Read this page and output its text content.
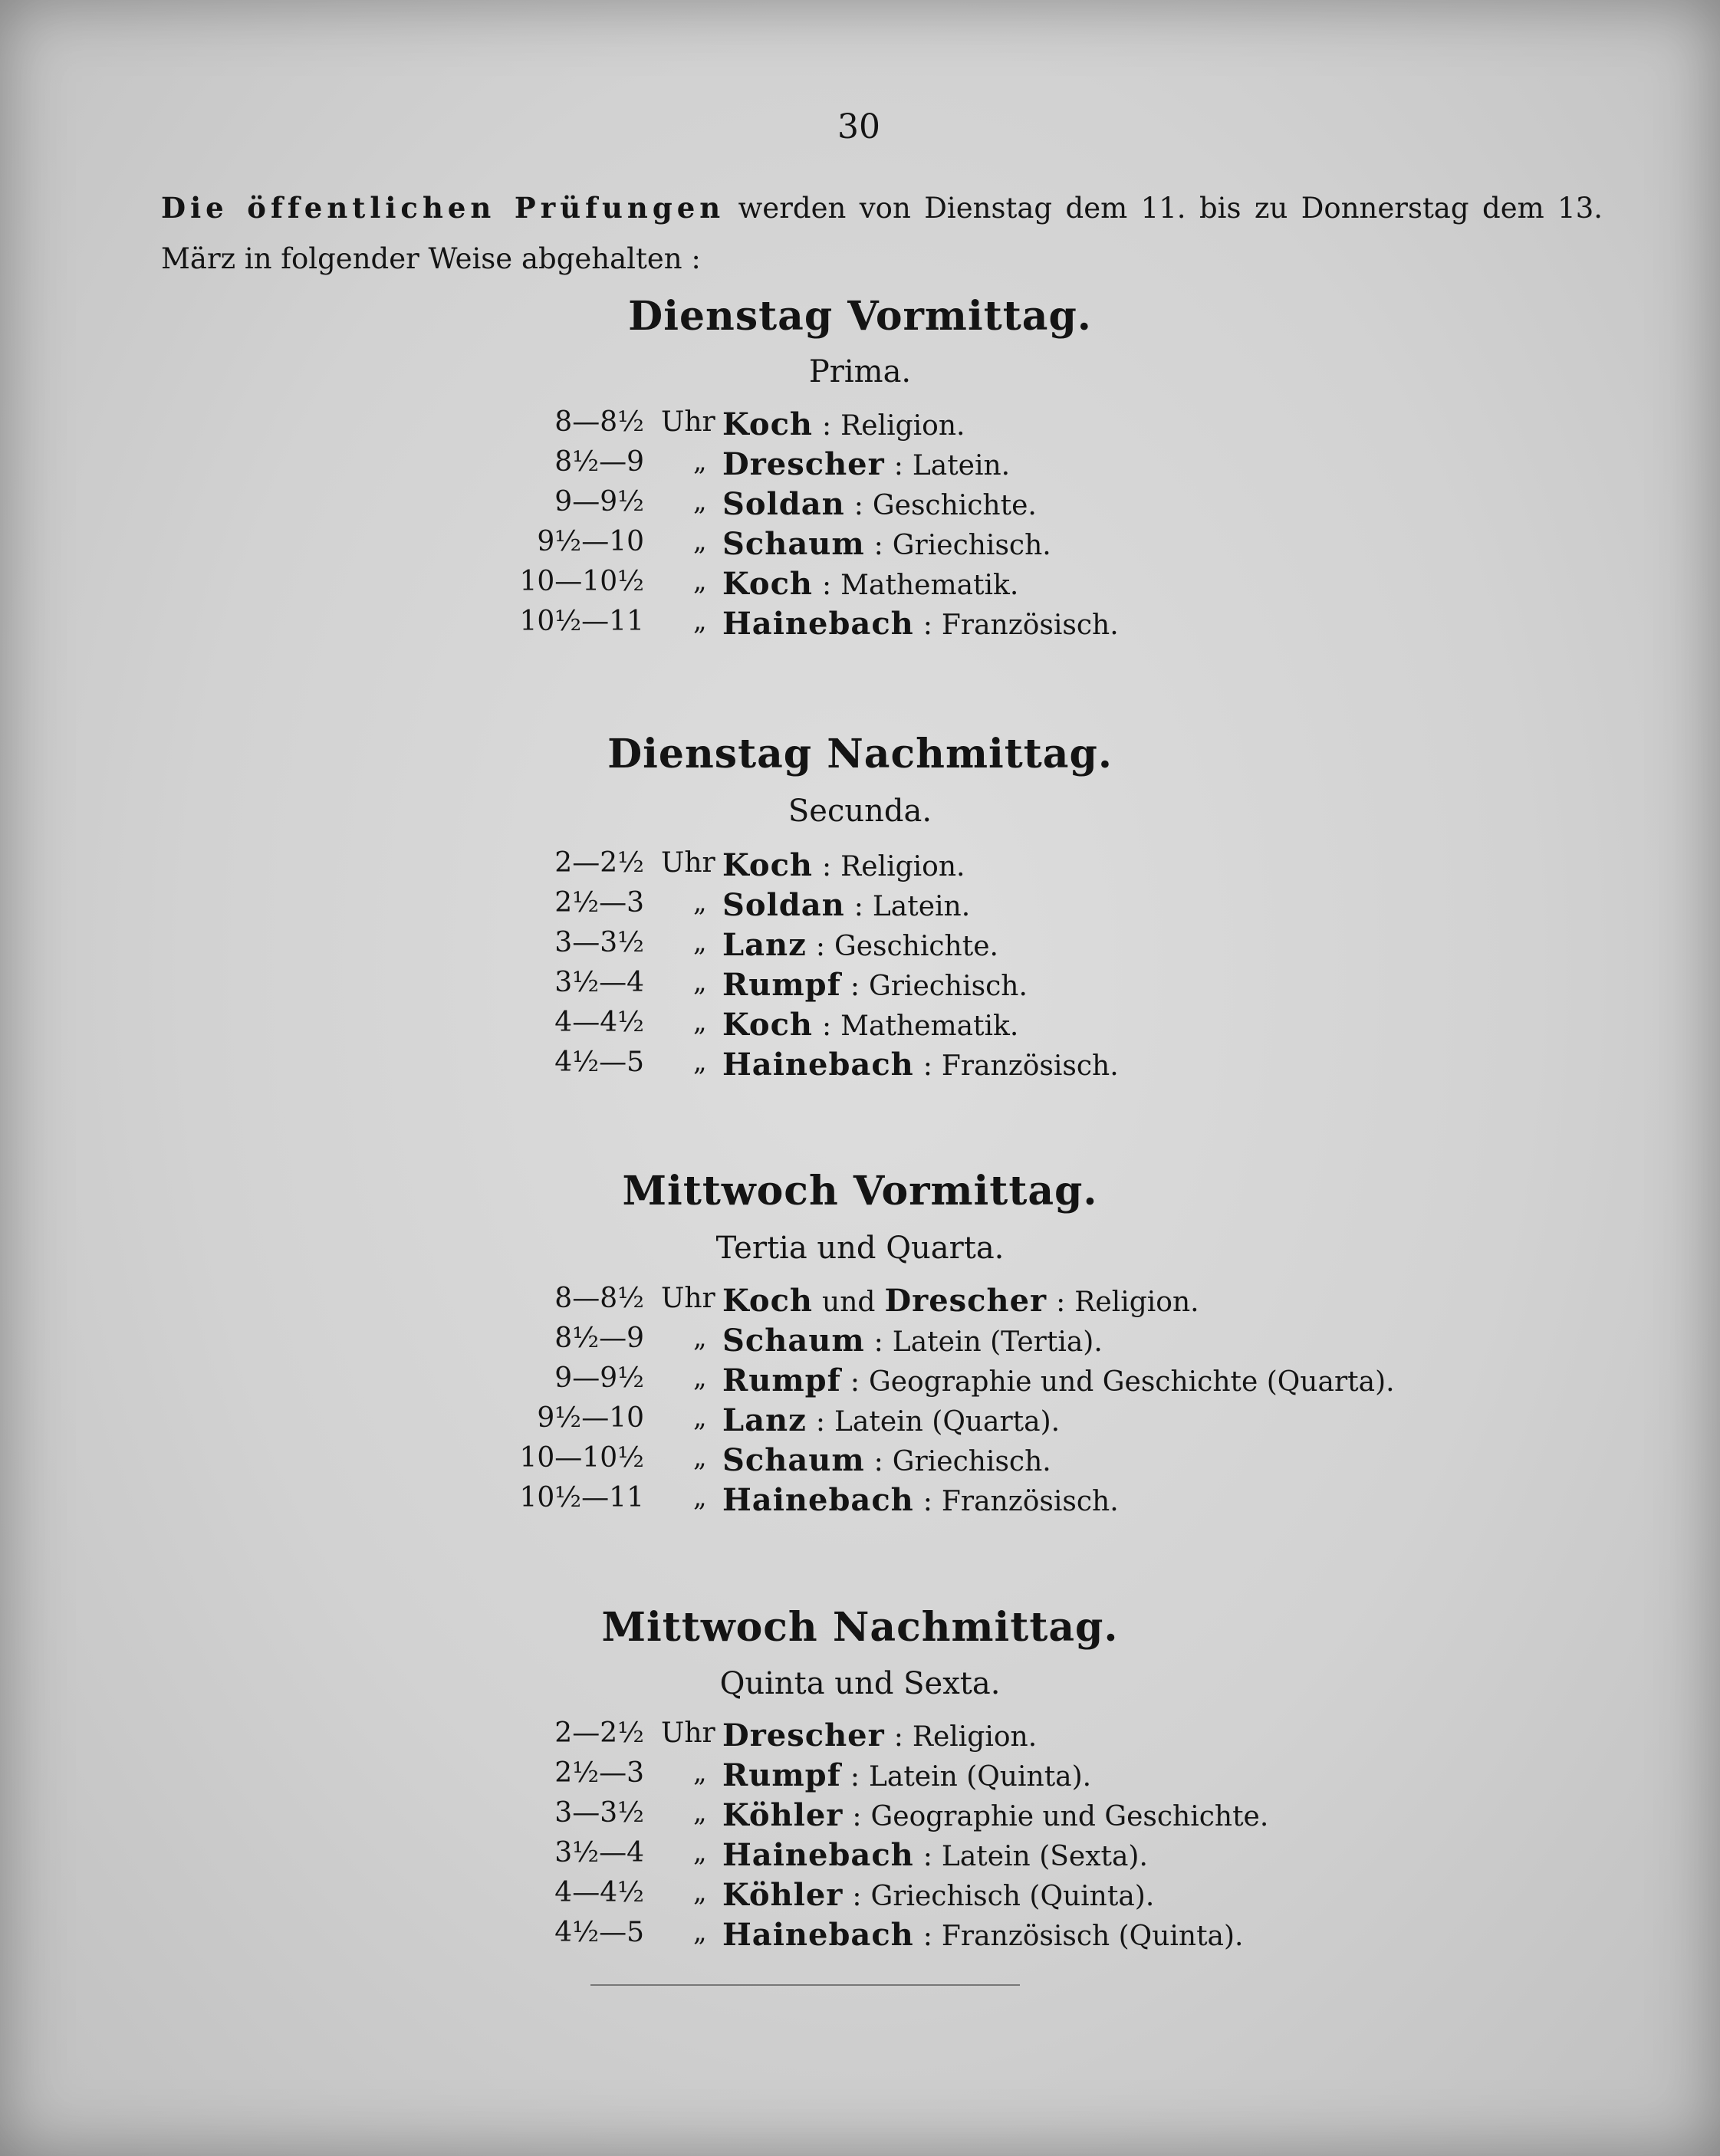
30
Die öffentlichen Prüfungen werden von Dienstag dem 11. bis zu Donnerstag dem 13. März in folgender Weise abgehalten :
Dienstag Vormittag.
Prima.
8—8½ Uhr Koch : Religion.
8½—9 „ Drescher : Latein.
9—9½ „ Soldan : Geschichte.
9½—10 „ Schaum : Griechisch.
10—10½ „ Koch : Mathematik.
10½—11 „ Hainebach : Französisch.
Dienstag Nachmittag.
Secunda.
2—2½ Uhr Koch : Religion.
2½—3 „ Soldan : Latein.
3—3½ „ Lanz : Geschichte.
3½—4 „ Rumpf : Griechisch.
4—4½ „ Koch : Mathematik.
4½—5 „ Hainebach : Französisch.
Mittwoch Vormittag.
Tertia und Quarta.
8—8½ Uhr Koch und Drescher : Religion.
8½—9 „ Schaum : Latein (Tertia).
9—9½ „ Rumpf : Geographie und Geschichte (Quarta).
9½—10 „ Lanz : Latein (Quarta).
10—10½ „ Schaum : Griechisch.
10½—11 „ Hainebach : Französisch.
Mittwoch Nachmittag.
Quinta und Sexta.
2—2½ Uhr Drescher : Religion.
2½—3 „ Rumpf : Latein (Quinta).
3—3½ „ Köhler : Geographie und Geschichte.
3½—4 „ Hainebach : Latein (Sexta).
4—4½ „ Köhler : Griechisch (Quinta).
4½—5 „ Hainebach : Französisch (Quinta).
